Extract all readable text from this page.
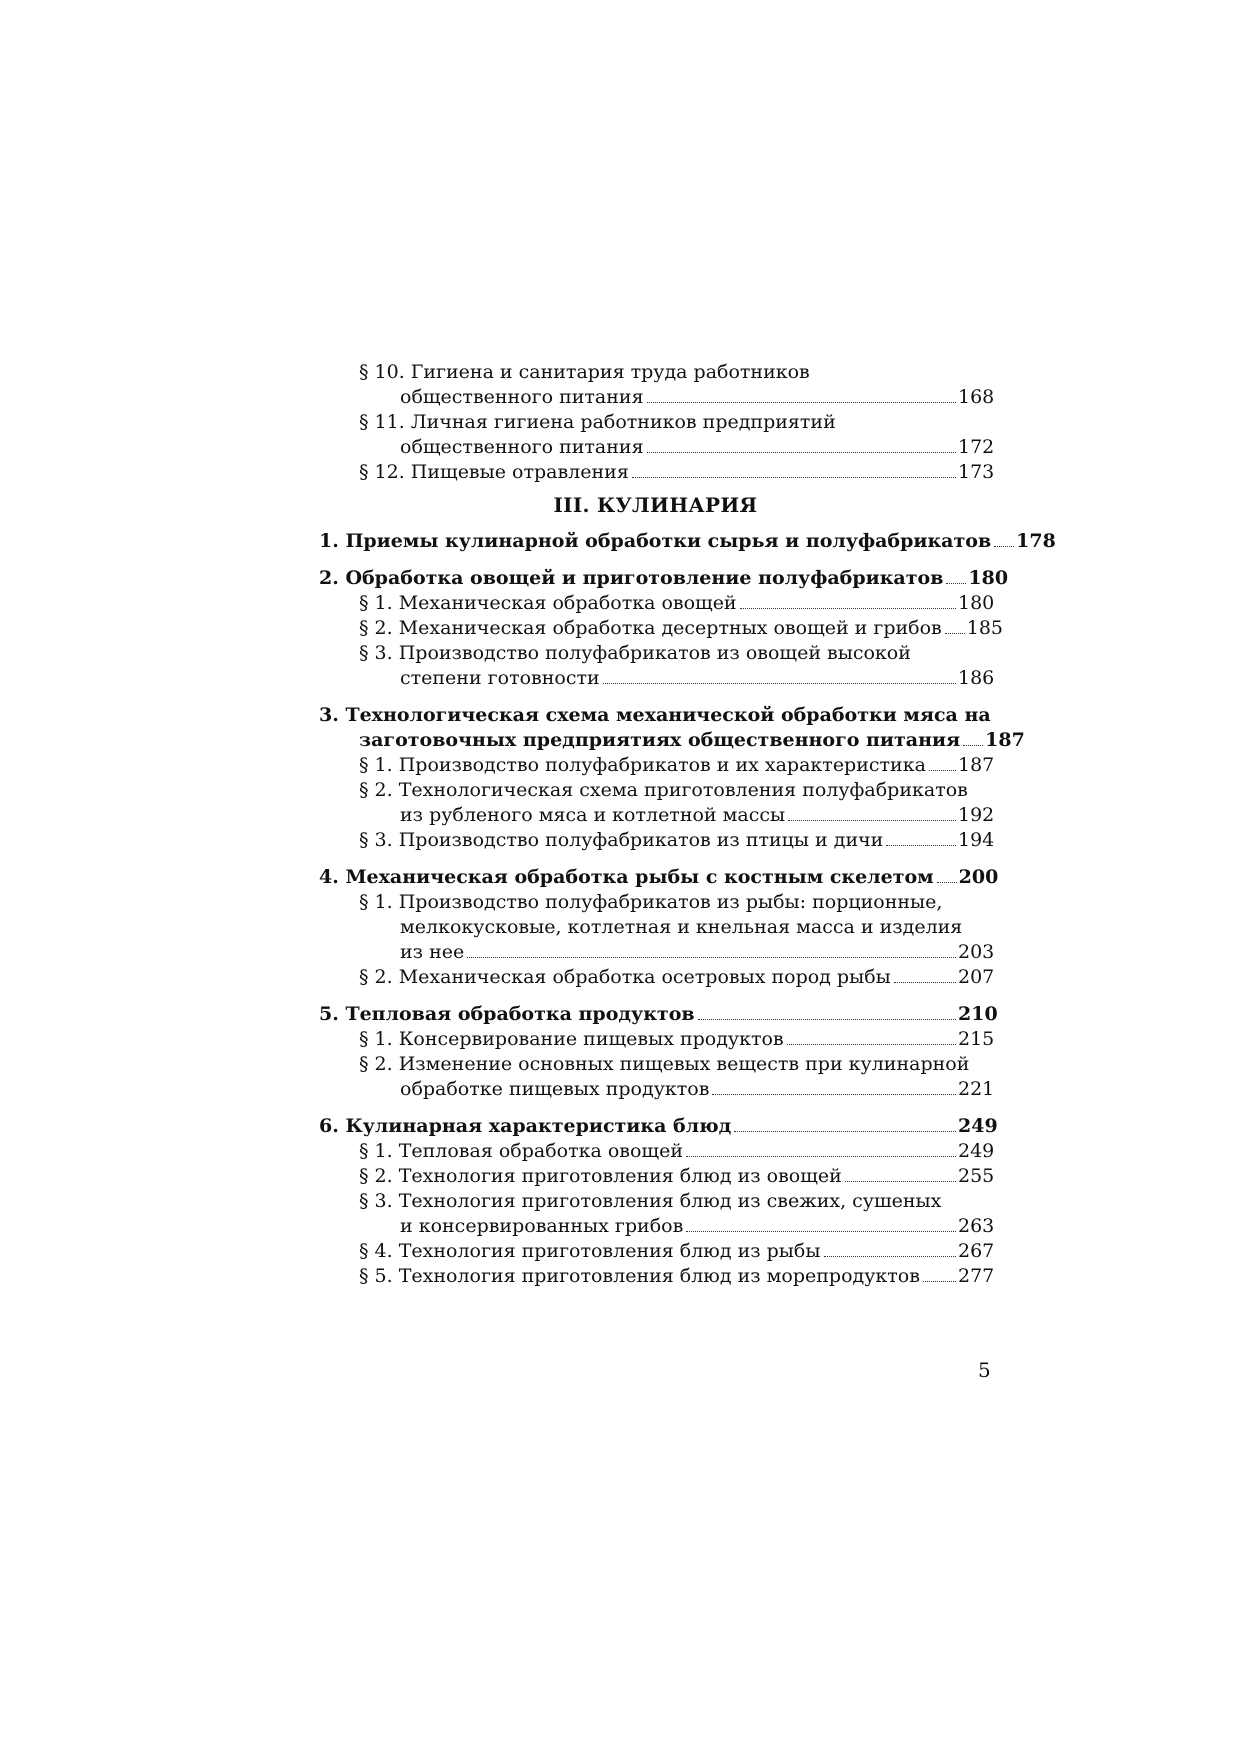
§ 10. Гигиена и санитария труда работников
общественного питания	168
§ 11. Личная гигиена работников предприятий
общественного питания	172
§ 12. Пищевые отравления	173
III. КУЛИНАРИЯ
1. Приемы кулинарной обработки сырья и полуфабрикатов 178
2. Обработка овощей и приготовление полуфабрикатов 180
§ 1. Механическая обработка овощей	180
§ 2. Механическая обработка десертных овощей и грибов 185
§ 3. Производство полуфабрикатов из овощей высокой
степени готовности	186
3. Технологическая схема механической обработки мяса на
заготовочных предприятиях общественного питания 187
§ 1. Производство полуфабрикатов и их характеристика 187
§ 2. Технологическая схема приготовления полуфабрикатов
из рубленого мяса и котлетной массы	192
§ 3. Производство полуфабрикатов из птицы и дичи	194
4. Механическая обработка рыбы с костным скелетом 200
§ 1. Производство полуфабрикатов из рыбы: порционные,
мелкокусковые, котлетная и кнельная масса и изделия
из нее	203
§ 2. Механическая обработка осетровых пород рыбы	207
5. Тепловая обработка продуктов	210
§ 1. Консервирование пищевых продуктов	215
§ 2. Изменение основных пищевых веществ при кулинарной
обработке пищевых продуктов	221
6. Кулинарная характеристика блюд	249
§ 1. Тепловая обработка овощей	249
§ 2. Технология приготовления блюд из овощей	255
§ 3. Технология приготовления блюд из свежих, сушеных
и консервированных грибов	263
§ 4. Технология приготовления блюд из рыбы	267
§ 5. Технология приготовления блюд из морепродуктов 277
5
